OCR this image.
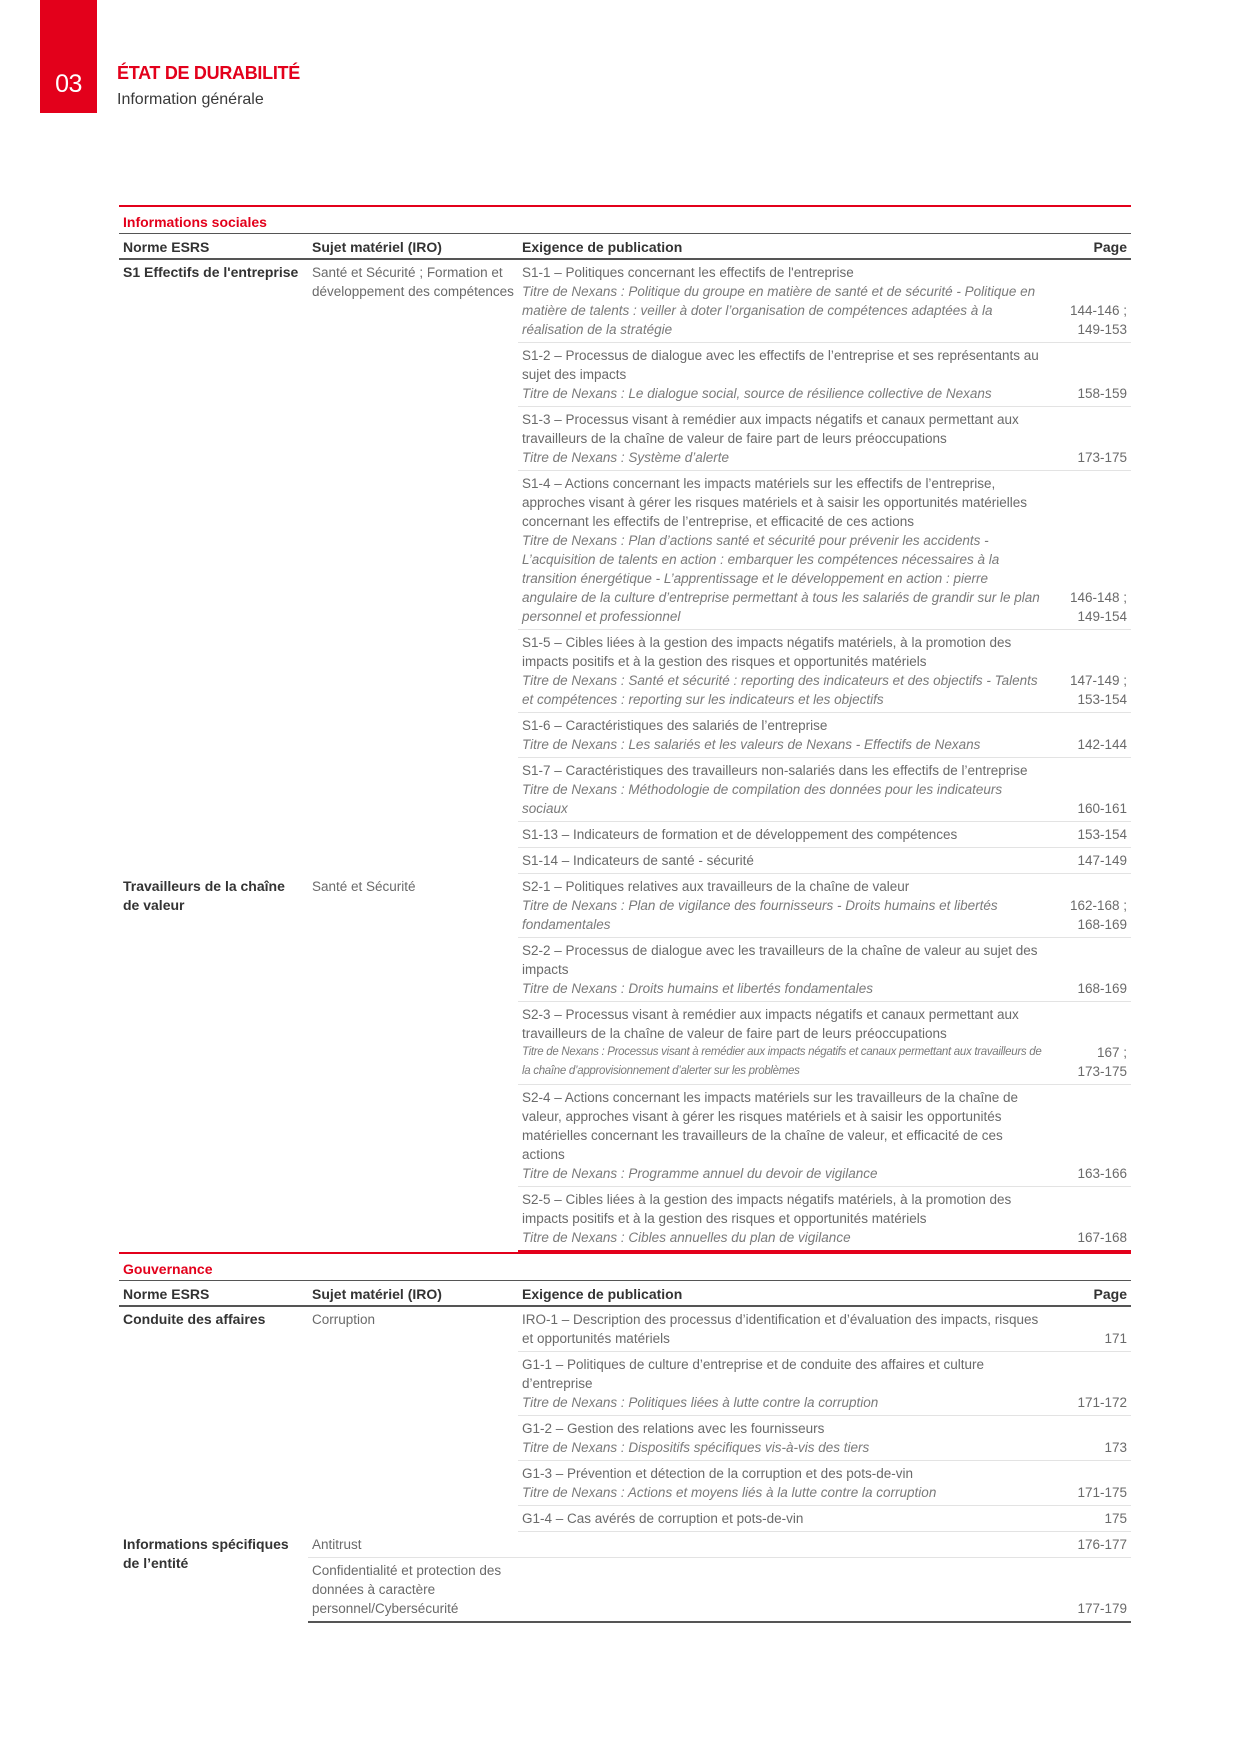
03	ÉTAT DE DURABILITÉ
Information générale
Informations sociales
Norme ESRS	Sujet matériel (IRO)	Exigence de publication	Page
S1 Effectifs de l'entreprise	Santé et Sécurité ; Formation et développement des compétences	S1-1 – Politiques concernant les effectifs de l'entreprise
Titre de Nexans : Politique du groupe en matière de santé et de sécurité - Politique en matière de talents : veiller à doter l’organisation de compétences adaptées à la réalisation de la stratégie	144-146 ;
149-153

		S1-2 – Processus de dialogue avec les effectifs de l’entreprise et ses représentants au sujet des impacts
Titre de Nexans : Le dialogue social, source de résilience collective de Nexans	158-159

		S1-3 – Processus visant à remédier aux impacts négatifs et canaux permettant aux travailleurs de la chaîne de valeur de faire part de leurs préoccupations
Titre de Nexans : Système d’alerte	173-175

		S1-4 – Actions concernant les impacts matériels sur les effectifs de l’entreprise, approches visant à gérer les risques matériels et à saisir les opportunités matérielles concernant les effectifs de l’entreprise, et efficacité de ces actions
Titre de Nexans : Plan d’actions santé et sécurité pour prévenir les accidents - L’acquisition de talents en action : embarquer les compétences nécessaires à la transition énergétique - L’apprentissage et le développement en action : pierre angulaire de la culture d’entreprise permettant à tous les salariés de grandir sur le plan personnel et professionnel	146-148 ;
149-154

		S1-5 – Cibles liées à la gestion des impacts négatifs matériels, à la promotion des impacts positifs et à la gestion des risques et opportunités matériels
Titre de Nexans : Santé et sécurité : reporting des indicateurs et des objectifs - Talents et compétences : reporting sur les indicateurs et les objectifs	147-149 ;
153-154

		S1-6 – Caractéristiques des salariés de l’entreprise
Titre de Nexans : Les salariés et les valeurs de Nexans - Effectifs de Nexans	142-144

		S1-7 – Caractéristiques des travailleurs non-salariés dans les effectifs de l’entreprise
Titre de Nexans : Méthodologie de compilation des données pour les indicateurs sociaux	160-161

		S1-13 – Indicateurs de formation et de développement des compétences	153-154

		S1-14 – Indicateurs de santé - sécurité	147-149

Travailleurs de la chaîne de valeur	Santé et Sécurité	S2-1 – Politiques relatives aux travailleurs de la chaîne de valeur
Titre de Nexans : Plan de vigilance des fournisseurs - Droits humains et libertés fondamentales	162-168 ;
168-169

		S2-2 – Processus de dialogue avec les travailleurs de la chaîne de valeur au sujet des impacts
Titre de Nexans : Droits humains et libertés fondamentales	168-169

		S2-3 – Processus visant à remédier aux impacts négatifs et canaux permettant aux travailleurs de la chaîne de valeur de faire part de leurs préoccupations
Titre de Nexans : Processus visant à remédier aux impacts négatifs et canaux permettant aux travailleurs de la chaîne d’approvisionnement d’alerter sur les problèmes	167 ;
173-175

		S2-4 – Actions concernant les impacts matériels sur les travailleurs de la chaîne de valeur, approches visant à gérer les risques matériels et à saisir les opportunités matérielles concernant les travailleurs de la chaîne de valeur, et efficacité de ces actions
Titre de Nexans : Programme annuel du devoir de vigilance	163-166

		S2-5 – Cibles liées à la gestion des impacts négatifs matériels, à la promotion des impacts positifs et à la gestion des risques et opportunités matériels
Titre de Nexans : Cibles annuelles du plan de vigilance	167-168
Gouvernance
Norme ESRS	Sujet matériel (IRO)	Exigence de publication	Page
Conduite des affaires	Corruption	IRO-1 – Description des processus d’identification et d’évaluation des impacts, risques et opportunités matériels	171

		G1-1 – Politiques de culture d’entreprise et de conduite des affaires et culture d’entreprise
Titre de Nexans : Politiques liées à lutte contre la corruption	171-172

		G1-2 – Gestion des relations avec les fournisseurs
Titre de Nexans : Dispositifs spécifiques vis-à-vis des tiers	173

		G1-3 – Prévention et détection de la corruption et des pots-de-vin
Titre de Nexans : Actions et moyens liés à la lutte contre la corruption	171-175

		G1-4 – Cas avérés de corruption et pots-de-vin	175

Informations spécifiques de l’entité	Antitrust		176-177

	Confidentialité et protection des données à caractère personnel/Cybersécurité		177-179
